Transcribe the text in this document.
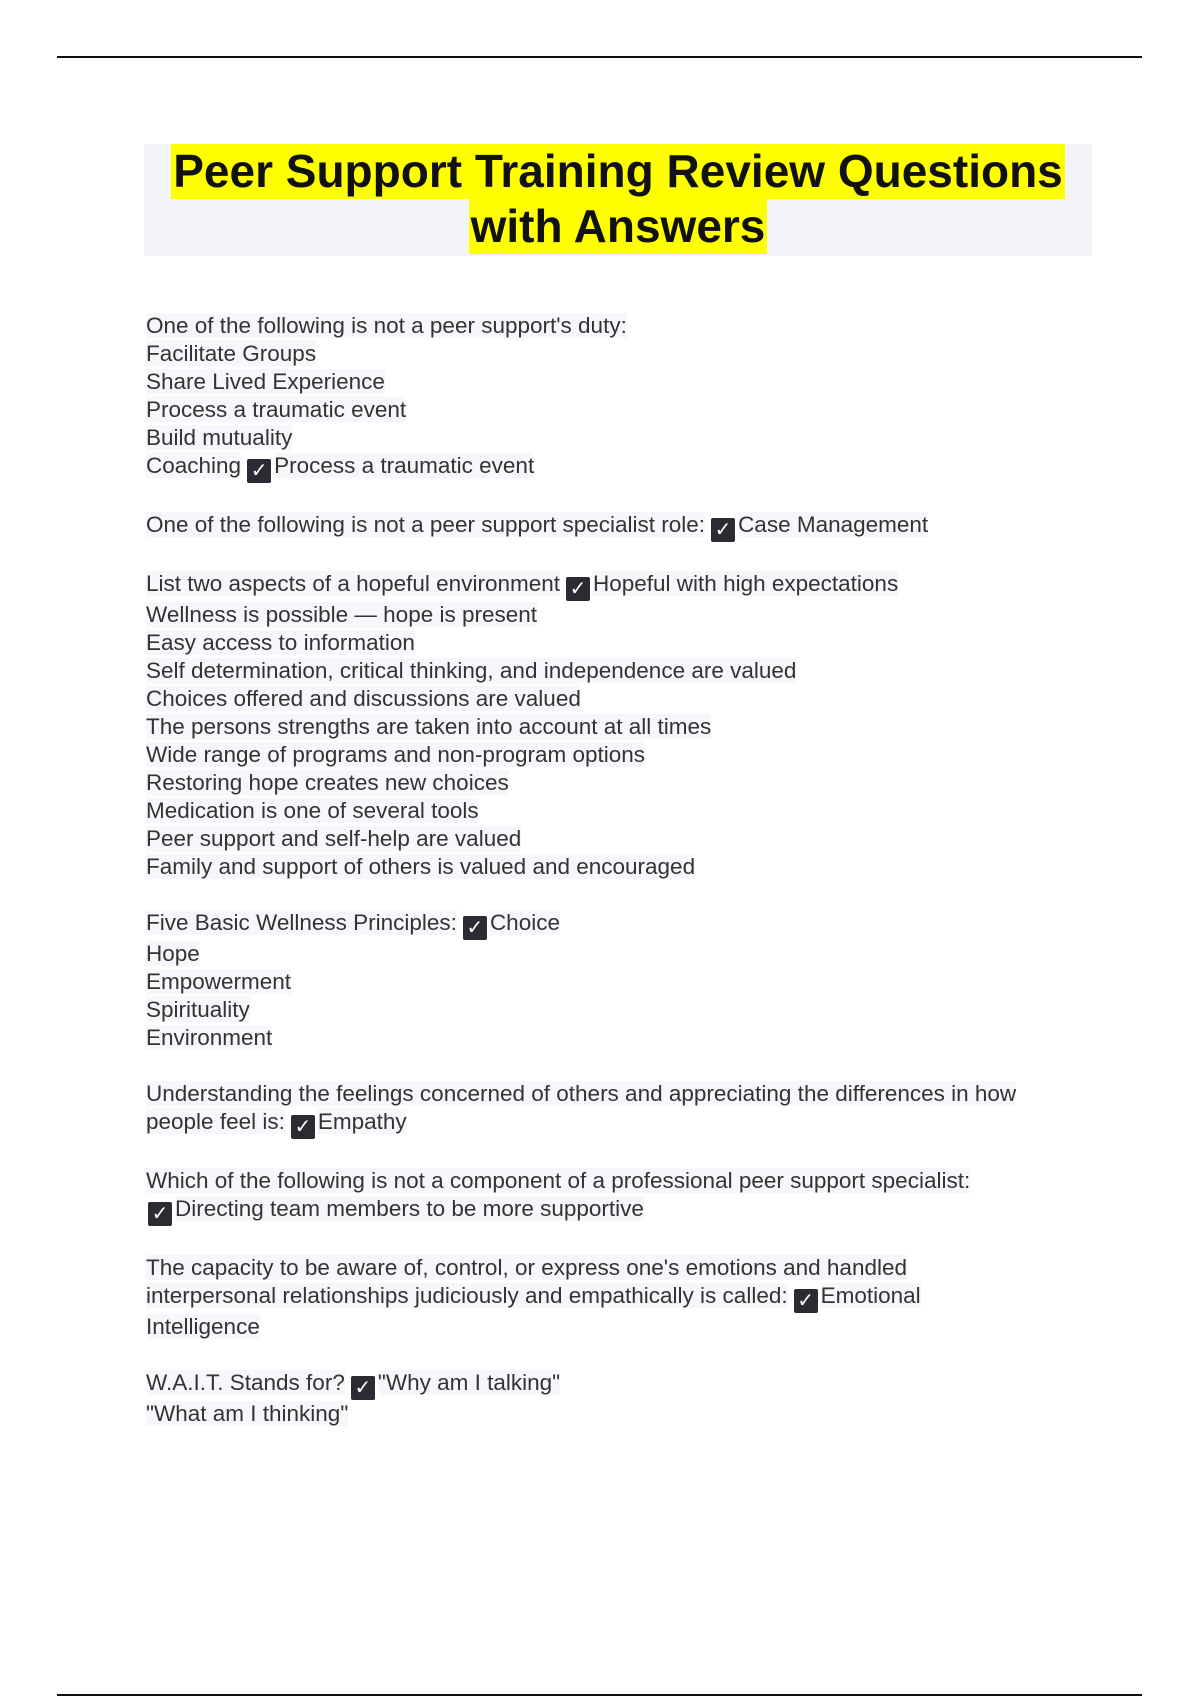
Peer Support Training Review Questions
with Answers
One of the following is not a peer support's duty:
Facilitate Groups
Share Lived Experience
Process a traumatic event
Build mutuality
Coaching ✓ Process a traumatic event
One of the following is not a peer support specialist role: ✓ Case Management
List two aspects of a hopeful environment ✓ Hopeful with high expectations
Wellness is possible — hope is present
Easy access to information
Self determination, critical thinking, and independence are valued
Choices offered and discussions are valued
The persons strengths are taken into account at all times
Wide range of programs and non-program options
Restoring hope creates new choices
Medication is one of several tools
Peer support and self-help are valued
Family and support of others is valued and encouraged
Five Basic Wellness Principles: ✓ Choice
Hope
Empowerment
Spirituality
Environment
Understanding the feelings concerned of others and appreciating the differences in how
people feel is: ✓ Empathy
Which of the following is not a component of a professional peer support specialist:
✓ Directing team members to be more supportive
The capacity to be aware of, control, or express one's emotions and handled
interpersonal relationships judiciously and empathically is called: ✓ Emotional
Intelligence
W.A.I.T. Stands for? ✓ "Why am I talking"
"What am I thinking"
